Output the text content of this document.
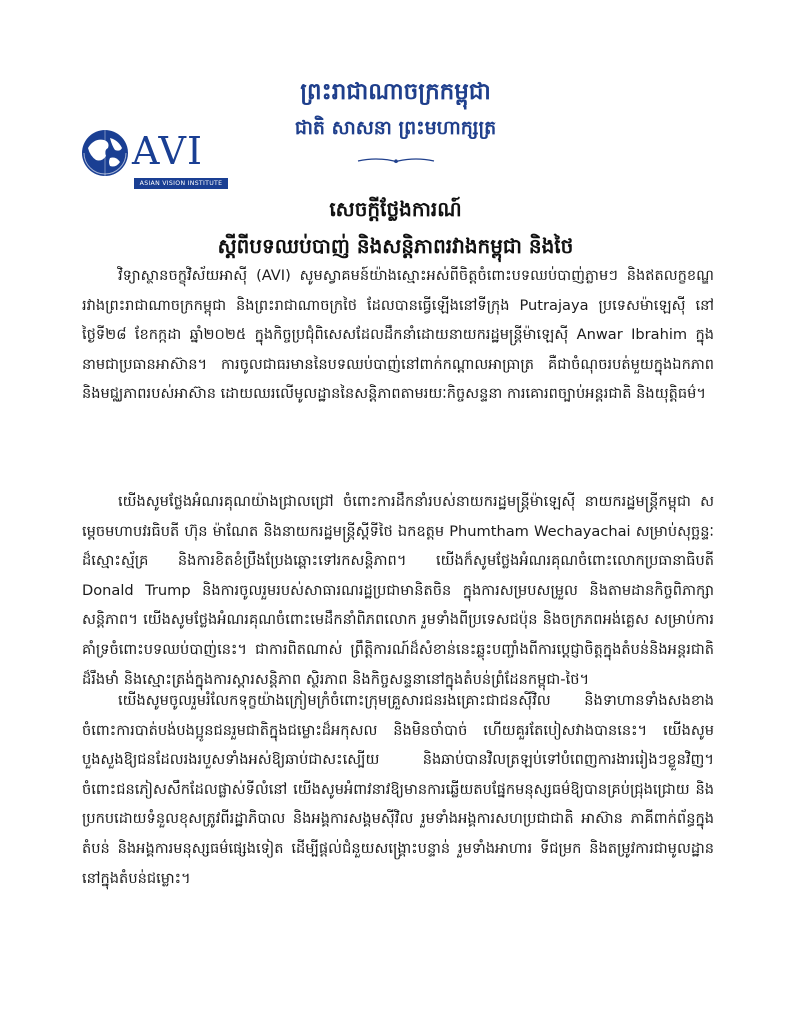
ព្រះរាជាណាចក្រកម្ពុជា
ជាតិ សាសនា ព្រះមហាក្សត្រ
AVI
ASIAN VISION INSTITUTE
សេចក្តីថ្លែងការណ៍
ស្តីពីបទឈប់បាញ់ និងសន្តិភាពរវាងកម្ពុជា និងថៃ
វិទ្យាស្ថានចក្ខុវិស័យអាស៊ី (AVI) សូមស្វាគមន៍យ៉ាងស្មោះអស់ពីចិត្តចំពោះបទឈប់បាញ់ភ្លាមៗ និងឥតលក្ខខណ្ឌរវាងព្រះរាជាណាចក្រកម្ពុជា និងព្រះរាជាណាចក្រថៃ ដែលបានធ្វើឡើងនៅទីក្រុង Putrajaya ប្រទេសម៉ាឡេស៊ី នៅថ្ងៃទី២៨ ខែកក្កដា ឆ្នាំ២០២៥ ក្នុងកិច្ចប្រជុំពិសេសដែលដឹកនាំដោយនាយករដ្ឋមន្ត្រីម៉ាឡេស៊ី Anwar Ibrahim ក្នុងនាមជាប្រធានអាស៊ាន។ ការចូលជាធរមាននៃបទឈប់បាញ់នៅពាក់កណ្តាលអាធ្រាត្រ គឺជាចំណុចរបត់មួយក្នុងឯកភាព និងមជ្ឈភាពរបស់អាស៊ាន ដោយឈរលើមូលដ្ឋាននៃសន្តិភាពតាមរយៈកិច្ចសន្ទនា ការគោរពច្បាប់អន្តរជាតិ និងយុត្តិធម៌។
យើងសូមថ្លែងអំណរគុណយ៉ាងជ្រាលជ្រៅ ចំពោះការដឹកនាំរបស់នាយករដ្ឋមន្ត្រីម៉ាឡេស៊ី នាយករដ្ឋមន្ត្រីកម្ពុជា សម្តេចមហាបវរធិបតី ហ៊ុន ម៉ាណែត និងនាយករដ្ឋមន្ត្រីស្តីទីថៃ ឯកឧត្តម Phumtham Wechayachai សម្រាប់សុច្ឆន្ទៈដ៏ស្មោះស្ម័គ្រ និងការខិតខំប្រឹងប្រែងឆ្ពោះទៅរកសន្តិភាព។ យើងក៏សូមថ្លែងអំណរគុណចំពោះលោកប្រធានាធិបតី Donald Trump និងការចូលរួមរបស់សាធារណរដ្ឋប្រជាមានិតចិន ក្នុងការសម្របសម្រួល និងតាមដានកិច្ចពិភាក្សាសន្តិភាព។ យើងសូមថ្លែងអំណរគុណចំពោះមេដឹកនាំពិភពលោក រួមទាំងពីប្រទេសជប៉ុន និងចក្រភពអង់គ្លេស សម្រាប់ការគាំទ្រចំពោះបទឈប់បាញ់នេះ។ ជាការពិតណាស់ ព្រឹត្តិការណ៍ដ៏សំខាន់នេះឆ្លុះបញ្ចាំងពីការប្តេជ្ញាចិត្តក្នុងតំបន់និងអន្តរជាតិដ៏រឹងមាំ និងស្មោះត្រង់ក្នុងការស្តារសន្តិភាព ស្ថិរភាព និងកិច្ចសន្ទនានៅក្នុងតំបន់ព្រំដែនកម្ពុជា-ថៃ។
យើងសូមចូលរួមរំលែកទុក្ខយ៉ាងក្រៀមក្រំចំពោះក្រុមគ្រួសារជនរងគ្រោះជាជនស៊ីវិល និងទាហានទាំងសងខាង ចំពោះការបាត់បង់បងប្អូនជនរួមជាតិក្នុងជម្លោះដ៏អកុសល និងមិនចាំបាច់ ហើយគួរតែបៀសវាងបាននេះ។ យើងសូមបួងសួងឱ្យជនដែលរងរបួសទាំងអស់ឱ្យឆាប់ជាសះស្បើយ និងឆាប់បានវិលត្រឡប់ទៅបំពេញការងាររៀងៗខ្លួនវិញ។ ចំពោះជនភៀសសឹកដែលផ្លាស់ទីលំនៅ យើងសូមអំពាវនាវឱ្យមានការឆ្លើយតបផ្នែកមនុស្សធម៌ឱ្យបានគ្រប់ជ្រុងជ្រោយ និងប្រកបដោយទំនួលខុសត្រូវពីរដ្ឋាភិបាល និងអង្គការសង្គមស៊ីវិល រួមទាំងអង្គការសហប្រជាជាតិ អាស៊ាន ភាគីពាក់ព័ន្ធក្នុងតំបន់ និងអង្គការមនុស្សធម៌ផ្សេងទៀត ដើម្បីផ្តល់ជំនួយសង្គ្រោះបន្ទាន់ រួមទាំងអាហារ ទីជម្រក និងតម្រូវការជាមូលដ្ឋាននៅក្នុងតំបន់ជម្លោះ។
